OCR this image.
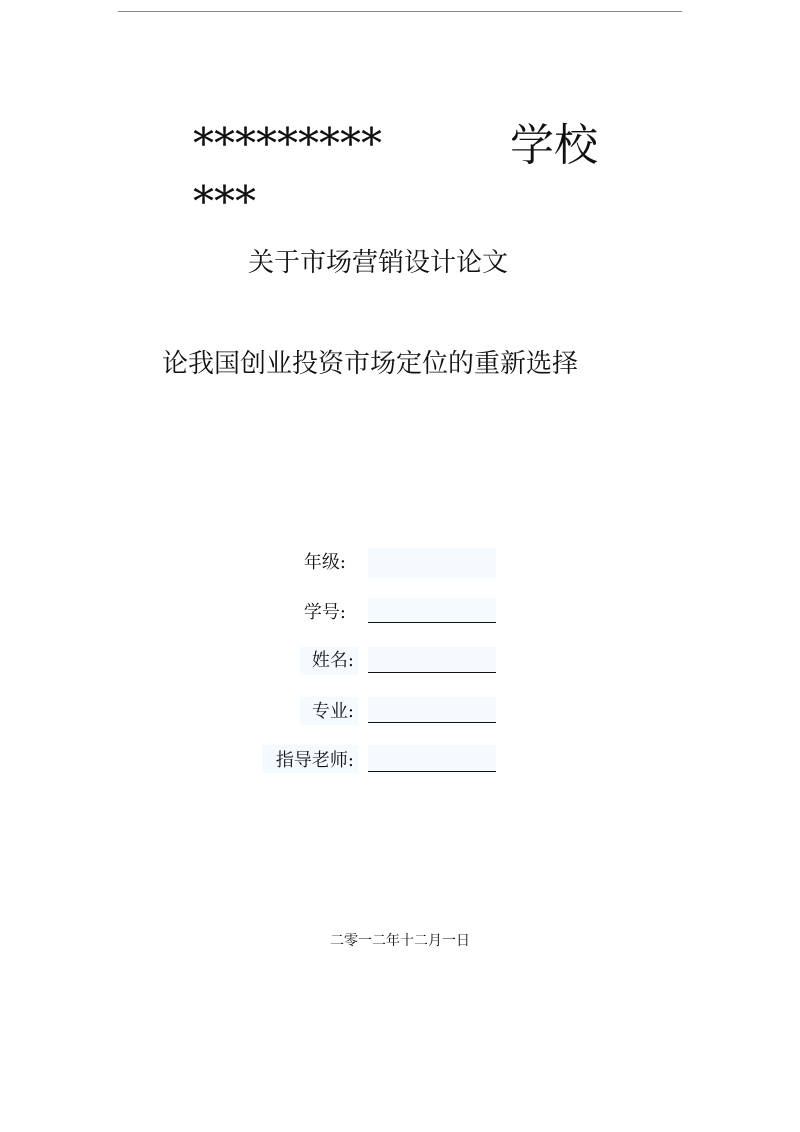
*********	学校
***
关于市场营销设计论文
论我国创业投资市场定位的重新选择
年级:
学号:
姓名:
专业:
指导老师:
二零一二年十二月一日
